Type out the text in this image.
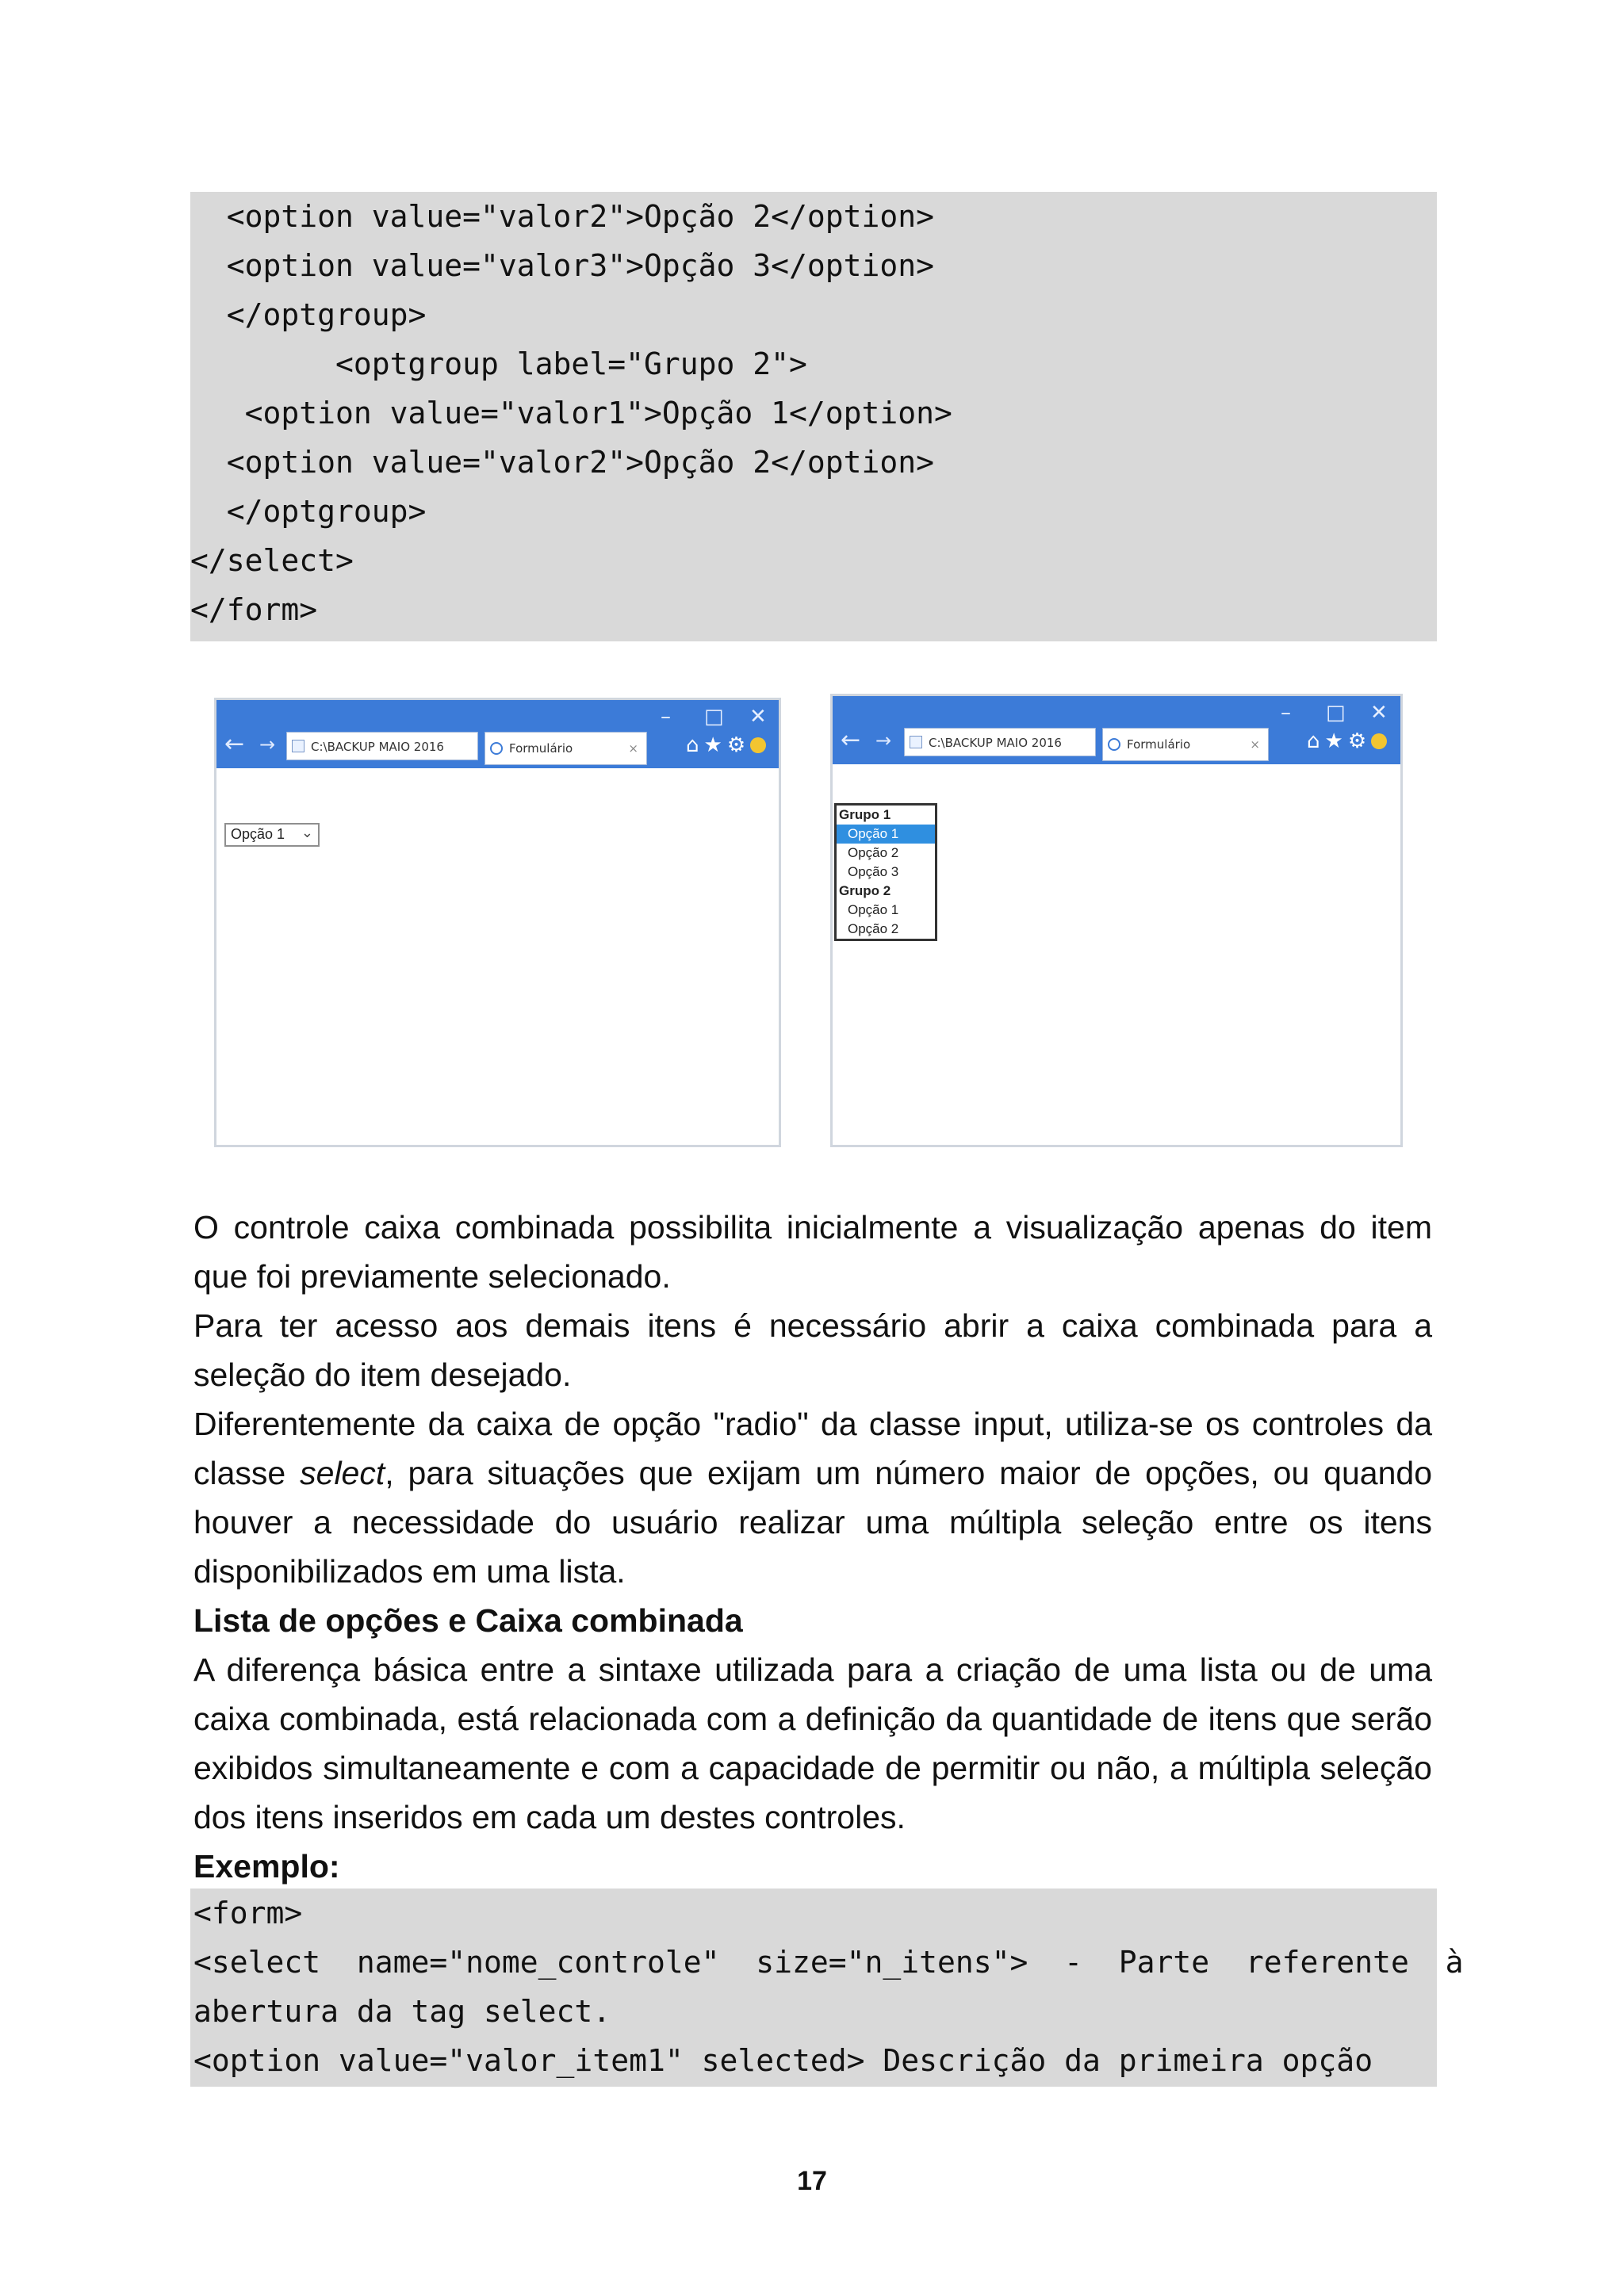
<option value="valor2">Opção 2</option>
<option value="valor3">Opção 3</option>
</optgroup>
<optgroup label="Grupo 2">
<option value="valor1">Opção 1</option>
<option value="valor2">Opção 2</option>
</optgroup>
</select>
</form>
– □ ✕
← →	C:\BACKUP MAIO 2016	Formulário	× ⌂★⚙
Opção 1 ⌄
– □ ✕
← →	C:\BACKUP MAIO 2016	Formulário	× ⌂★⚙
Grupo 1
Opção 1
Opção 2
Opção 3
Grupo 2
Opção 1
Opção 2

O controle caixa combinada possibilita inicialmente a visualização apenas do item que foi previamente selecionado.

Para ter acesso aos demais itens é necessário abrir a caixa combinada para a seleção do item desejado.

Diferentemente da caixa de opção "radio" da classe input, utiliza-se os controles da classe select, para situações que exijam um número maior de opções, ou quando houver a necessidade do usuário realizar uma múltipla seleção entre os itens disponibilizados em uma lista.

Lista de opções e Caixa combinada

A diferença básica entre a sintaxe utilizada para a criação de uma lista ou de uma caixa combinada, está relacionada com a definição da quantidade de itens que serão exibidos simultaneamente e com a capacidade de permitir ou não, a múltipla seleção dos itens inseridos em cada um destes controles.

Exemplo:

<form>
<select  name="nome_controle"  size="n_itens">  -  Parte  referente  à
abertura da tag select.
<option value="valor_item1" selected> Descrição da primeira opção
17
